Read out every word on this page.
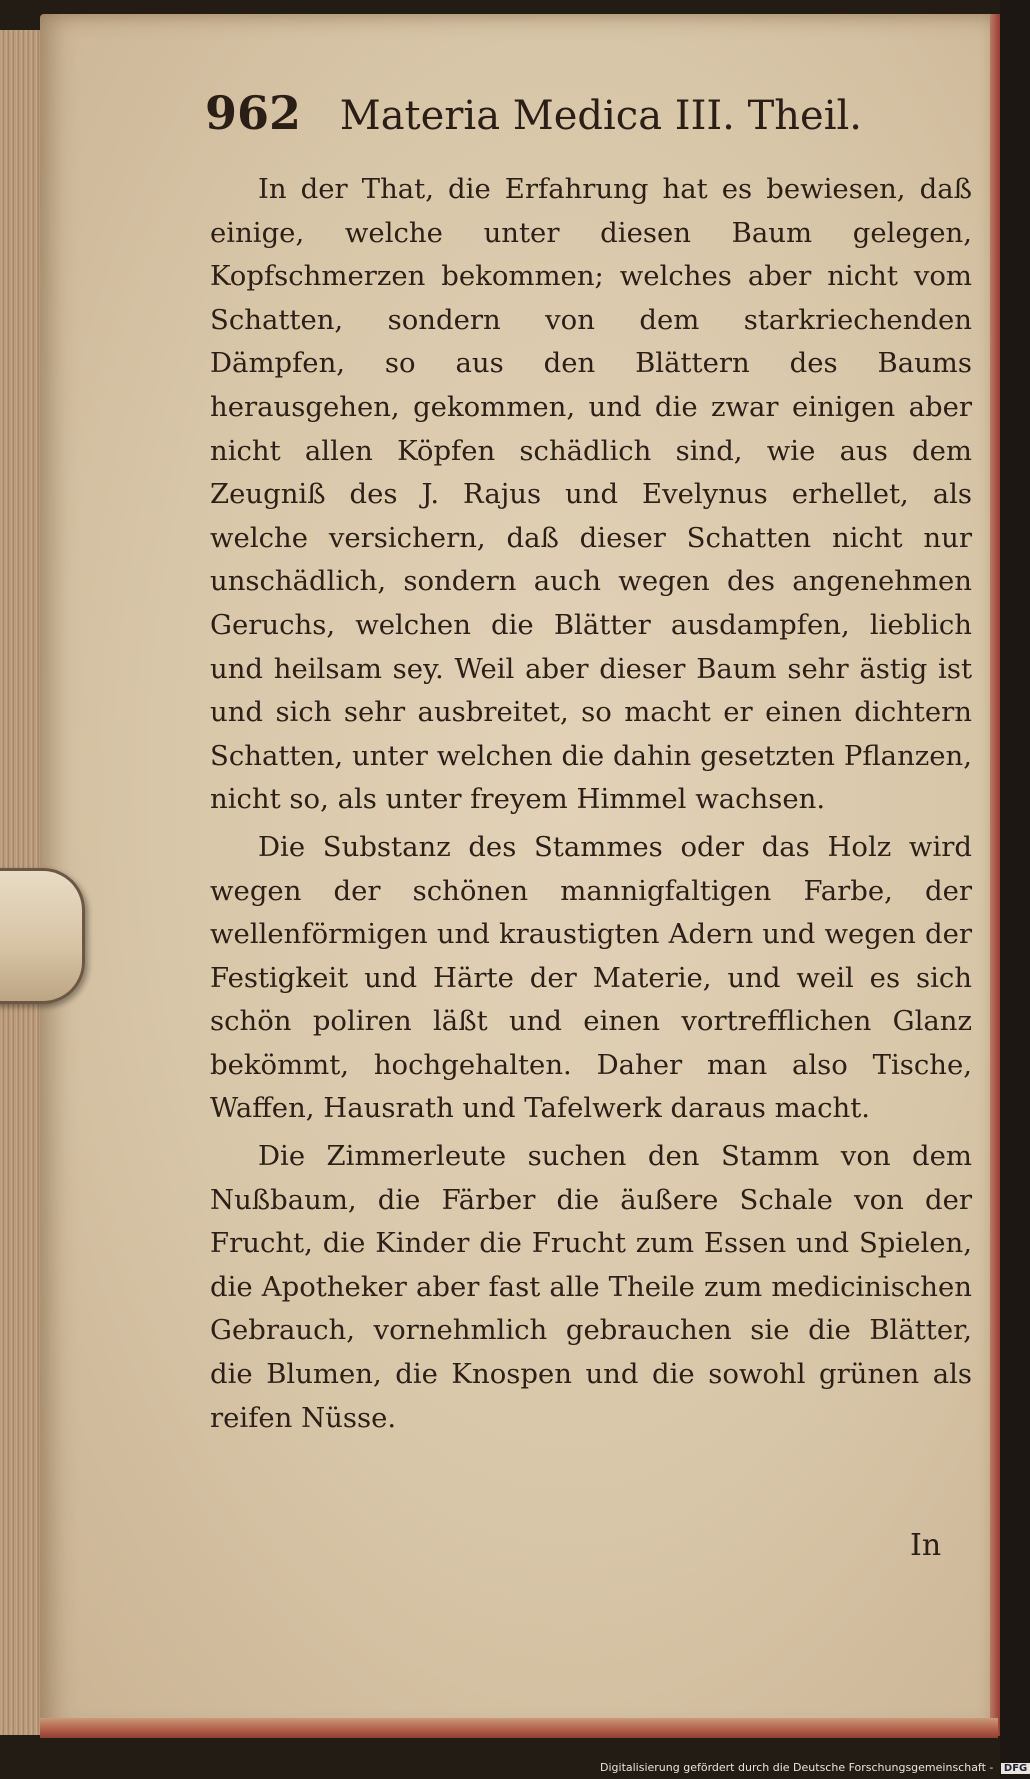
962 Materia Medica III. Theil.

In der That, die Erfahrung hat es bewiesen, daß einige, welche unter diesen Baum gelegen, Kopfschmerzen bekommen; welches aber nicht vom Schatten, sondern von dem starkriechenden Dämpfen, so aus den Blättern des Baums herausgehen, gekommen, und die zwar einigen aber nicht allen Köpfen schädlich sind, wie aus dem Zeugniß des J. Rajus und Evelynus erhellet, als welche versichern, daß dieser Schatten nicht nur unschädlich, sondern auch wegen des angenehmen Geruchs, welchen die Blätter ausdampfen, lieblich und heilsam sey. Weil aber dieser Baum sehr ästig ist und sich sehr ausbreitet, so macht er einen dichtern Schatten, unter welchen die dahin gesetzten Pflanzen, nicht so, als unter freyem Himmel wachsen.

Die Substanz des Stammes oder das Holz wird wegen der schönen mannigfaltigen Farbe, der wellenförmigen und kraustigten Adern und wegen der Festigkeit und Härte der Materie, und weil es sich schön poliren läßt und einen vortrefflichen Glanz bekömmt, hochgehalten. Daher man also Tische, Waffen, Hausrath und Tafelwerk daraus macht.

Die Zimmerleute suchen den Stamm von dem Nußbaum, die Färber die äußere Schale von der Frucht, die Kinder die Frucht zum Essen und Spielen, die Apotheker aber fast alle Theile zum medicinischen Gebrauch, vornehmlich gebrauchen sie die Blätter, die Blumen, die Knospen und die sowohl grünen als reifen Nüsse.

In
Digitalisierung gefördert durch die Deutsche Forschungsgemeinschaft - DFG
